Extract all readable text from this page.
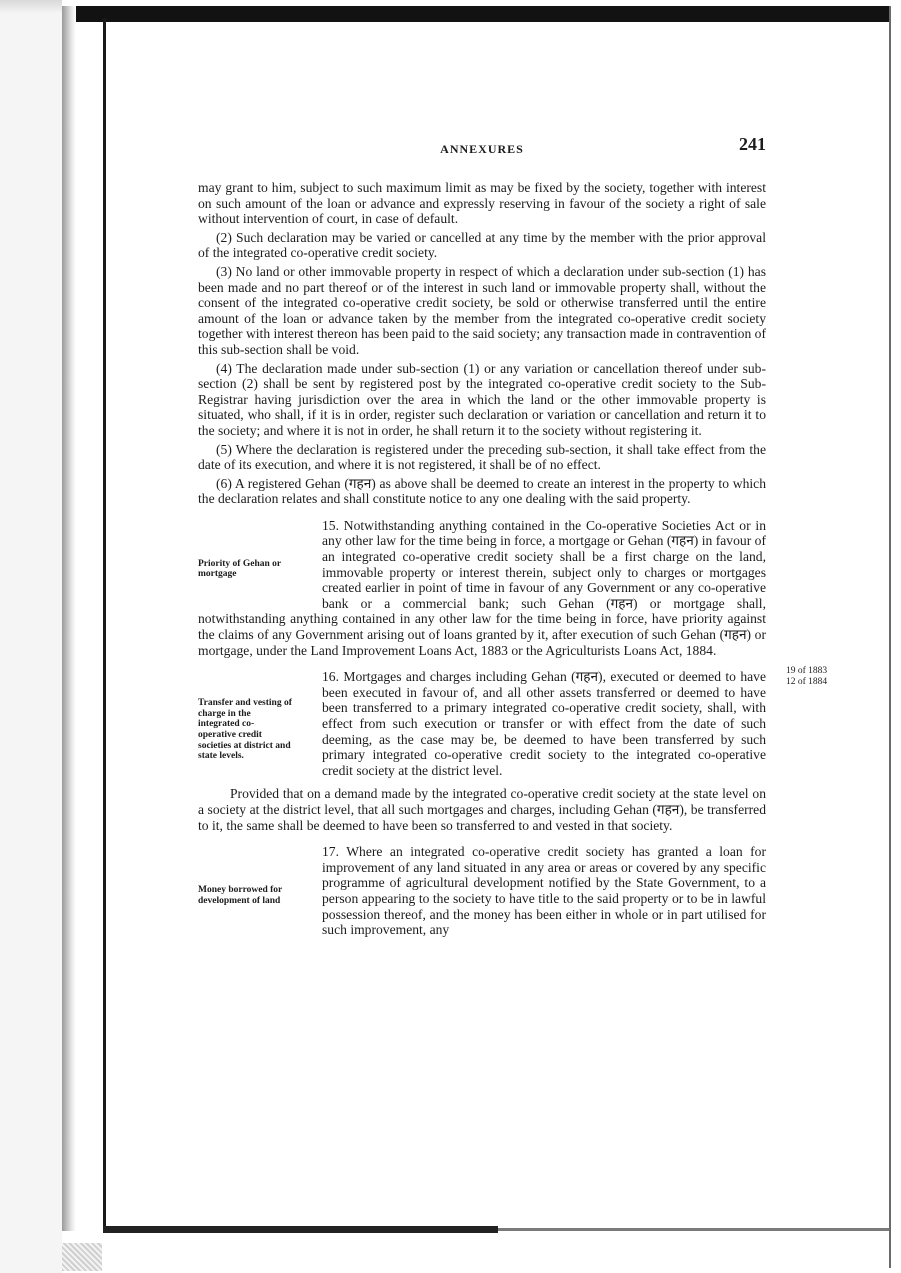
ANNEXURES	241

may grant to him, subject to such maximum limit as may be fixed by the society, together with interest on such amount of the loan or advance and expressly reserving in favour of the society a right of sale without intervention of court, in case of default.

(2) Such declaration may be varied or cancelled at any time by the member with the prior approval of the integrated co-operative credit society.

(3) No land or other immovable property in respect of which a declaration under sub-section (1) has been made and no part thereof or of the interest in such land or immovable property shall, without the consent of the integrated co-operative credit society, be sold or otherwise transferred until the entire amount of the loan or advance taken by the member from the integrated co-operative credit society together with interest thereon has been paid to the said society; any transaction made in contravention of this sub-section shall be void.

(4) The declaration made under sub-section (1) or any variation or cancellation thereof under sub-section (2) shall be sent by registered post by the integrated co-operative credit society to the Sub-Registrar having jurisdiction over the area in which the land or the other immovable property is situated, who shall, if it is in order, register such declaration or variation or cancellation and return it to the society; and where it is not in order, he shall return it to the society without registering it.

(5) Where the declaration is registered under the preceding sub-section, it shall take effect from the date of its execution, and where it is not registered, it shall be of no effect.

(6) A registered Gehan (गहन) as above shall be deemed to create an interest in the property to which the declaration relates and shall constitute notice to any one dealing with the said property.

Priority of Gehan or mortgage
19 of 1883
12 of 1884

15. Notwithstanding anything contained in the Co-operative Societies Act or in any other law for the time being in force, a mortgage or Gehan (गहन) in favour of an integrated co-operative credit society shall be a first charge on the land, immovable property or interest therein, subject only to charges or mortgages created earlier in point of time in favour of any Government or any co-operative bank or a commercial bank; such Gehan (गहन) or mortgage shall, notwithstanding anything contained in any other law for the time being in force, have priority against the claims of any Government arising out of loans granted by it, after execution of such Gehan (गहन) or mortgage, under the Land Improvement Loans Act, 1883 or the Agriculturists Loans Act, 1884.

Transfer and vesting of charge in the integrated co-operative credit societies at district and state levels.

16. Mortgages and charges including Gehan (गहन), executed or deemed to have been executed in favour of, and all other assets transferred or deemed to have been transferred to a primary integrated co-operative credit society, shall, with effect from such execution or transfer or with effect from the date of such deeming, as the case may be, be deemed to have been transferred by such primary integrated co-operative credit society to the integrated co-operative credit society at the district level.

Provided that on a demand made by the integrated co-operative credit society at the state level on a society at the district level, that all such mortgages and charges, including Gehan (गहन), be transferred to it, the same shall be deemed to have been so transferred to and vested in that society.

Money borrowed for development of land

17. Where an integrated co-operative credit society has granted a loan for improvement of any land situated in any area or areas or covered by any specific programme of agricultural development notified by the State Government, to a person appearing to the society to have title to the said property or to be in lawful possession thereof, and the money has been either in whole or in part utilised for such improvement, any
